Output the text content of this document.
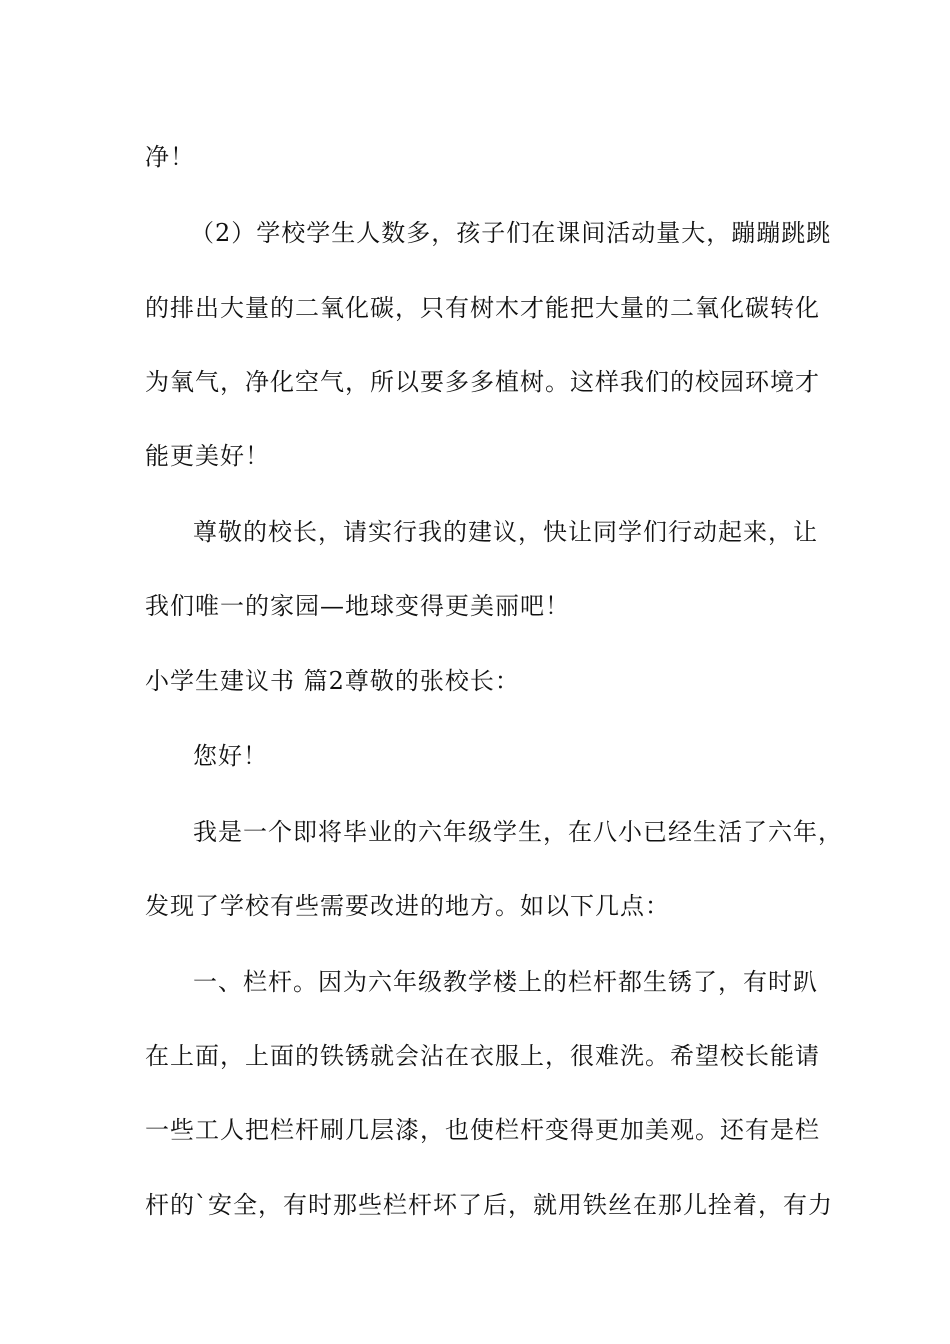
净！
（2）学校学生人数多，孩子们在课间活动量大，蹦蹦跳跳
的排出大量的二氧化碳，只有树木才能把大量的二氧化碳转化
为氧气，净化空气，所以要多多植树。这样我们的校园环境才
能更美好！
尊敬的校长，请实行我的建议，快让同学们行动起来，让
我们唯一的家园—地球变得更美丽吧！
小学生建议书 篇2尊敬的张校长：
您好！
我是一个即将毕业的六年级学生，在八小已经生活了六年，
发现了学校有些需要改进的地方。如以下几点：
一、栏杆。因为六年级教学楼上的栏杆都生锈了，有时趴
在上面，上面的铁锈就会沾在衣服上，很难洗。希望校长能请
一些工人把栏杆刷几层漆，也使栏杆变得更加美观。还有是栏
杆的`安全，有时那些栏杆坏了后，就用铁丝在那儿拴着，有力
